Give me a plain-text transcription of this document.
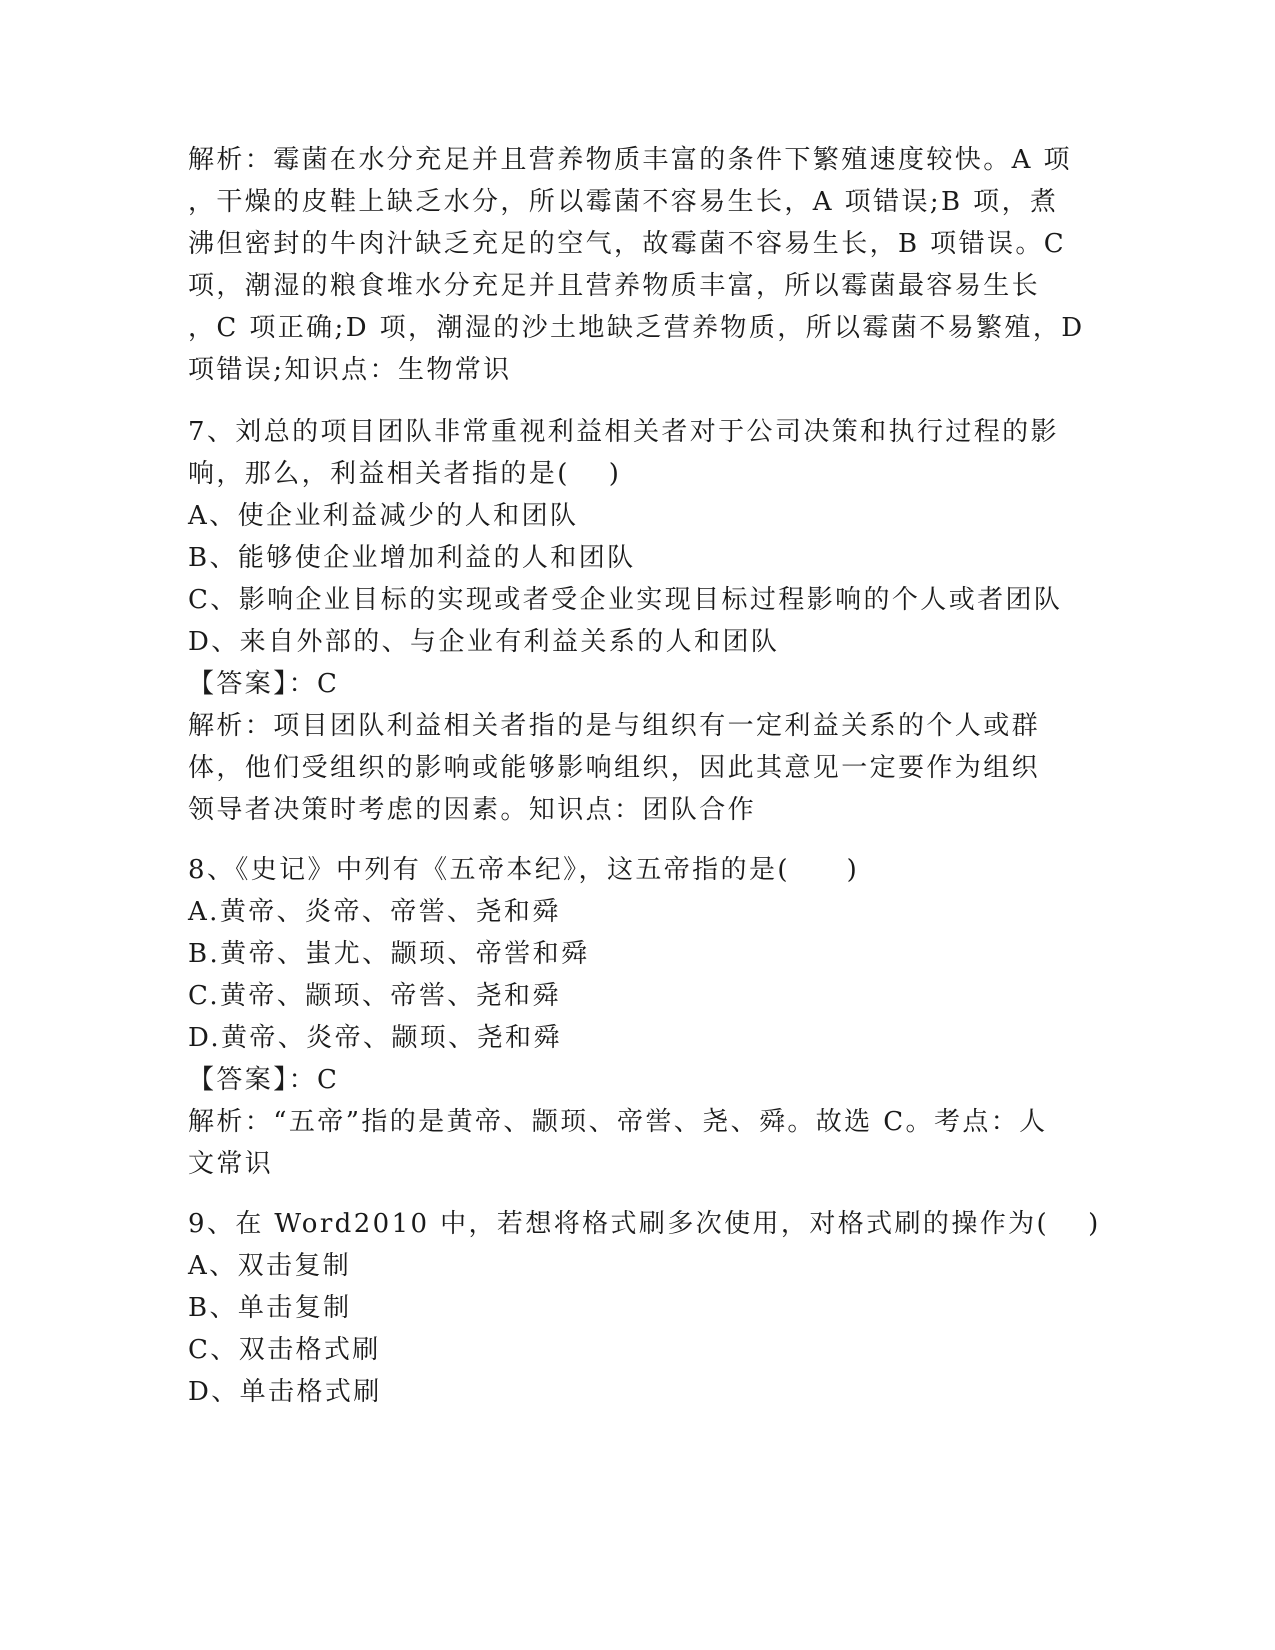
解析：霉菌在水分充足并且营养物质丰富的条件下繁殖速度较快。A 项
，干燥的皮鞋上缺乏水分，所以霉菌不容易生长，A 项错误;B 项，煮
沸但密封的牛肉汁缺乏充足的空气，故霉菌不容易生长，B 项错误。C
项，潮湿的粮食堆水分充足并且营养物质丰富，所以霉菌最容易生长
，C 项正确;D 项，潮湿的沙土地缺乏营养物质，所以霉菌不易繁殖，D
项错误;知识点：生物常识
7、刘总的项目团队非常重视利益相关者对于公司决策和执行过程的影
响，那么，利益相关者指的是(　 )
A、使企业利益减少的人和团队
B、能够使企业增加利益的人和团队
C、影响企业目标的实现或者受企业实现目标过程影响的个人或者团队
D、来自外部的、与企业有利益关系的人和团队
【答案】：C
解析：项目团队利益相关者指的是与组织有一定利益关系的个人或群
体，他们受组织的影响或能够影响组织，因此其意见一定要作为组织
领导者决策时考虑的因素。知识点：团队合作
8、《史记》中列有《五帝本纪》，这五帝指的是(　　)
A.黄帝、炎帝、帝喾、尧和舜
B.黄帝、蚩尤、颛顼、帝喾和舜
C.黄帝、颛顼、帝喾、尧和舜
D.黄帝、炎帝、颛顼、尧和舜
【答案】：C
解析：“五帝”指的是黄帝、颛顼、帝喾、尧、舜。故选 C。考点：人
文常识
9、在 Word2010 中，若想将格式刷多次使用，对格式刷的操作为(　 )
A、双击复制
B、单击复制
C、双击格式刷
D、单击格式刷
